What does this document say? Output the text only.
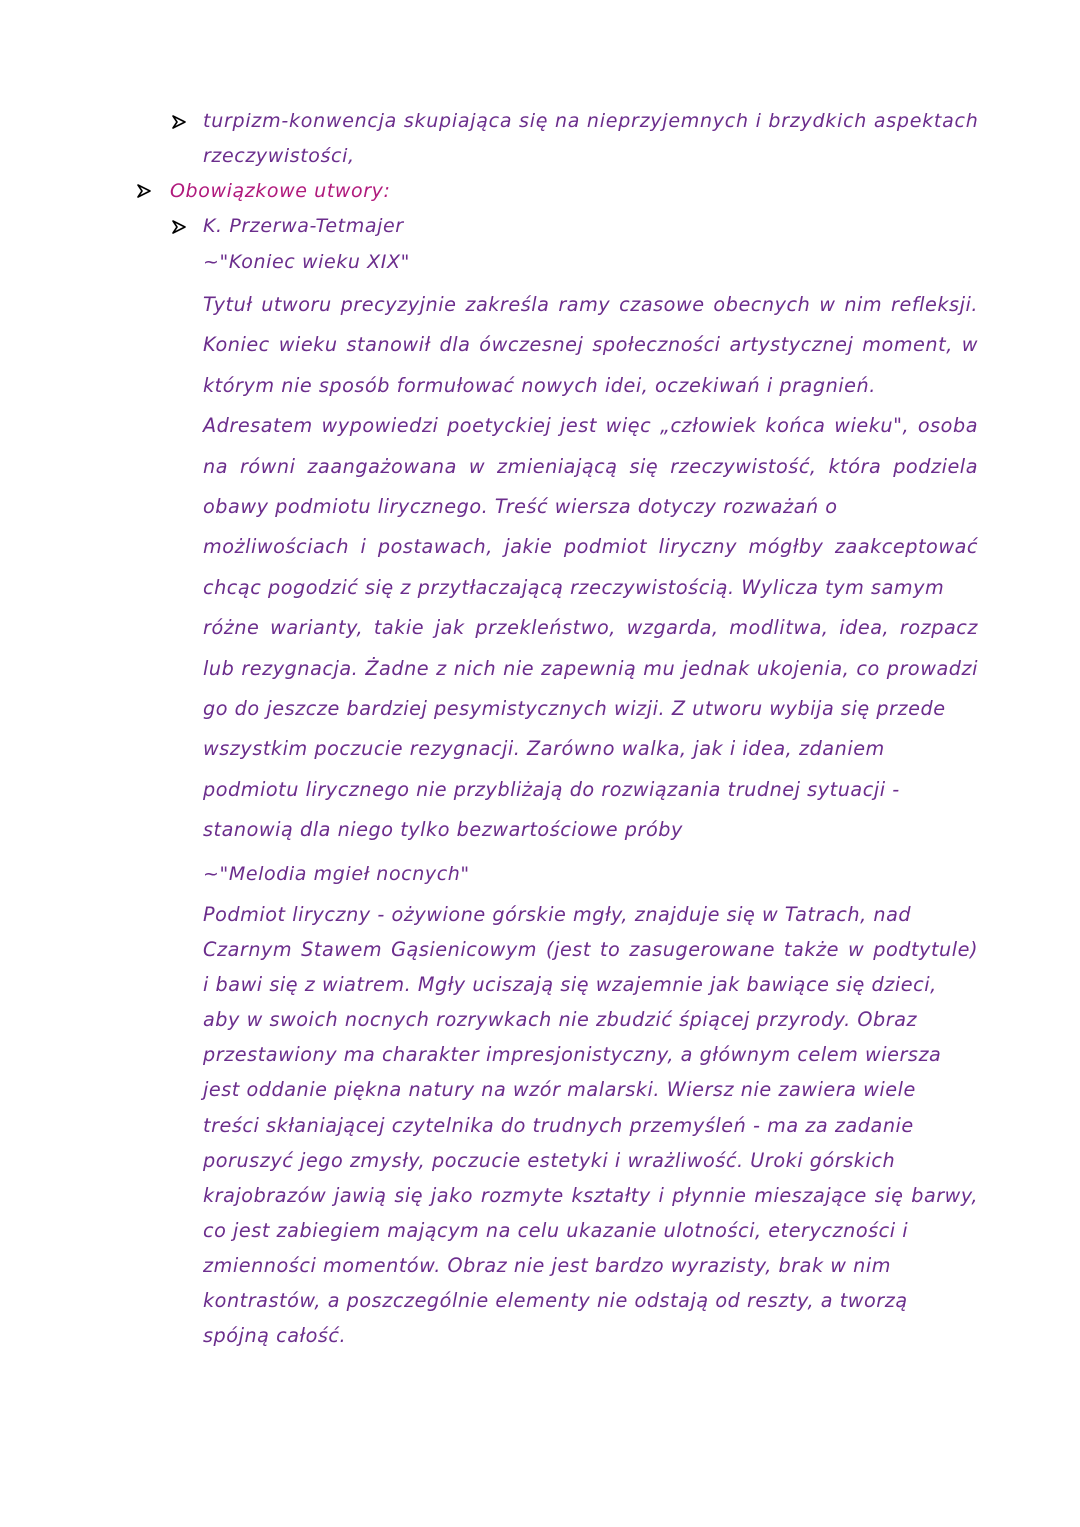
turpizm-konwencja skupiająca się na nieprzyjemnych i brzydkich aspektach
rzeczywistości,
Obowiązkowe utwory:
K. Przerwa-Tetmajer
~"Koniec wieku XIX"
Tytuł utworu precyzyjnie zakreśla ramy czasowe obecnych w nim refleksji.
Koniec wieku stanowił dla ówczesnej społeczności artystycznej moment, w
którym nie sposób formułować nowych idei, oczekiwań i pragnień.
Adresatem wypowiedzi poetyckiej jest więc „człowiek końca wieku", osoba
na równi zaangażowana w zmieniającą się rzeczywistość, która podziela
obawy podmiotu lirycznego. Treść wiersza dotyczy rozważań o
możliwościach i postawach, jakie podmiot liryczny mógłby zaakceptować
chcąc pogodzić się z przytłaczającą rzeczywistością. Wylicza tym samym
różne warianty, takie jak przekleństwo, wzgarda, modlitwa, idea, rozpacz
lub rezygnacja. Żadne z nich nie zapewnią mu jednak ukojenia, co prowadzi
go do jeszcze bardziej pesymistycznych wizji. Z utworu wybija się przede
wszystkim poczucie rezygnacji. Zarówno walka, jak i idea, zdaniem
podmiotu lirycznego nie przybliżają do rozwiązania trudnej sytuacji -
stanowią dla niego tylko bezwartościowe próby
~"Melodia mgieł nocnych"
Podmiot liryczny - ożywione górskie mgły, znajduje się w Tatrach, nad
Czarnym Stawem Gąsienicowym (jest to zasugerowane także w podtytule)
i bawi się z wiatrem. Mgły uciszają się wzajemnie jak bawiące się dzieci,
aby w swoich nocnych rozrywkach nie zbudzić śpiącej przyrody. Obraz
przestawiony ma charakter impresjonistyczny, a głównym celem wiersza
jest oddanie piękna natury na wzór malarski. Wiersz nie zawiera wiele
treści skłaniającej czytelnika do trudnych przemyśleń - ma za zadanie
poruszyć jego zmysły, poczucie estetyki i wrażliwość. Uroki górskich
krajobrazów jawią się jako rozmyte kształty i płynnie mieszające się barwy,
co jest zabiegiem mającym na celu ukazanie ulotności, eteryczności i
zmienności momentów. Obraz nie jest bardzo wyrazisty, brak w nim
kontrastów, a poszczególnie elementy nie odstają od reszty, a tworzą
spójną całość.
